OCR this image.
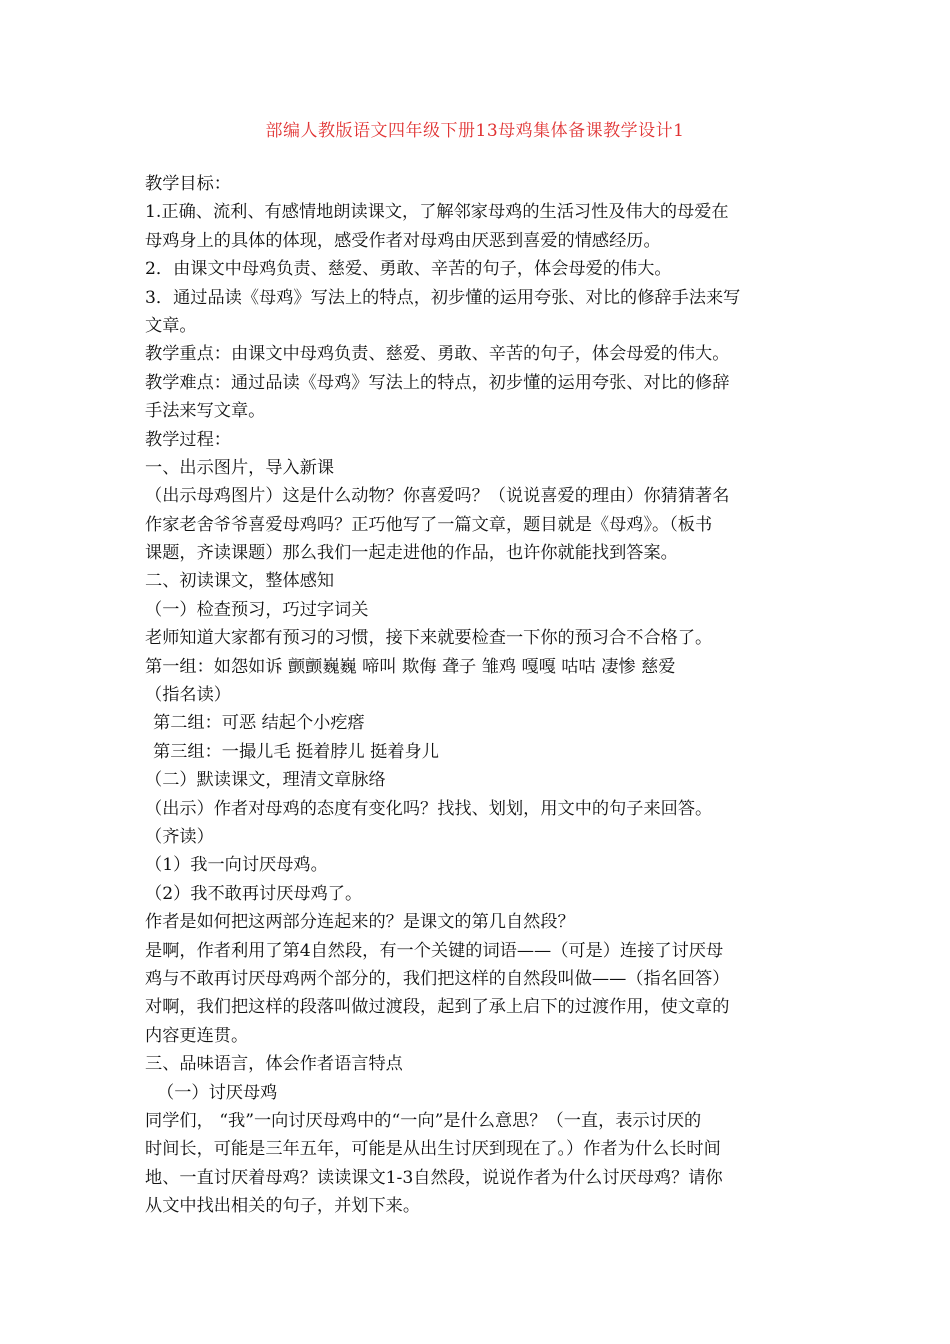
部编人教版语文四年级下册13母鸡集体备课教学设计1
教学目标：
1.正确、流利、有感情地朗读课文，了解邻家母鸡的生活习性及伟大的母爱在
母鸡身上的具体的体现，感受作者对母鸡由厌恶到喜爱的情感经历。
2．由课文中母鸡负责、慈爱、勇敢、辛苦的句子，体会母爱的伟大。
3．通过品读《母鸡》写法上的特点，初步懂的运用夸张、对比的修辞手法来写
文章。
教学重点：由课文中母鸡负责、慈爱、勇敢、辛苦的句子，体会母爱的伟大。
教学难点：通过品读《母鸡》写法上的特点，初步懂的运用夸张、对比的修辞
手法来写文章。
教学过程：
一、出示图片，导入新课
（出示母鸡图片）这是什么动物？你喜爱吗？（说说喜爱的理由）你猜猜著名
作家老舍爷爷喜爱母鸡吗？正巧他写了一篇文章，题目就是《母鸡》。（板书
课题，齐读课题）那么我们一起走进他的作品，也许你就能找到答案。
二、初读课文，整体感知
（一）检查预习，巧过字词关
老师知道大家都有预习的习惯，接下来就要检查一下你的预习合不合格了。
第一组：如怨如诉 颤颤巍巍 啼叫 欺侮 聋子 雏鸡 嘎嘎 咕咕 凄惨 慈爱
（指名读）
第二组：可恶 结起个小疙瘩
第三组：一撮儿毛 挺着脖儿 挺着身儿
（二）默读课文，理清文章脉络
（出示）作者对母鸡的态度有变化吗？找找、划划，用文中的句子来回答。
（齐读）
（1）我一向讨厌母鸡。
（2）我不敢再讨厌母鸡了。
作者是如何把这两部分连起来的？是课文的第几自然段？
是啊，作者利用了第4自然段，有一个关键的词语——（可是）连接了讨厌母
鸡与不敢再讨厌母鸡两个部分的，我们把这样的自然段叫做——（指名回答）
对啊，我们把这样的段落叫做过渡段，起到了承上启下的过渡作用，使文章的
内容更连贯。
三、品味语言，体会作者语言特点
（一）讨厌母鸡
同学们， “我”一向讨厌母鸡中的“一向”是什么意思？（一直，表示讨厌的
时间长，可能是三年五年，可能是从出生讨厌到现在了。）作者为什么长时间
地、一直讨厌着母鸡？读读课文1-3自然段，说说作者为什么讨厌母鸡？请你
从文中找出相关的句子，并划下来。
